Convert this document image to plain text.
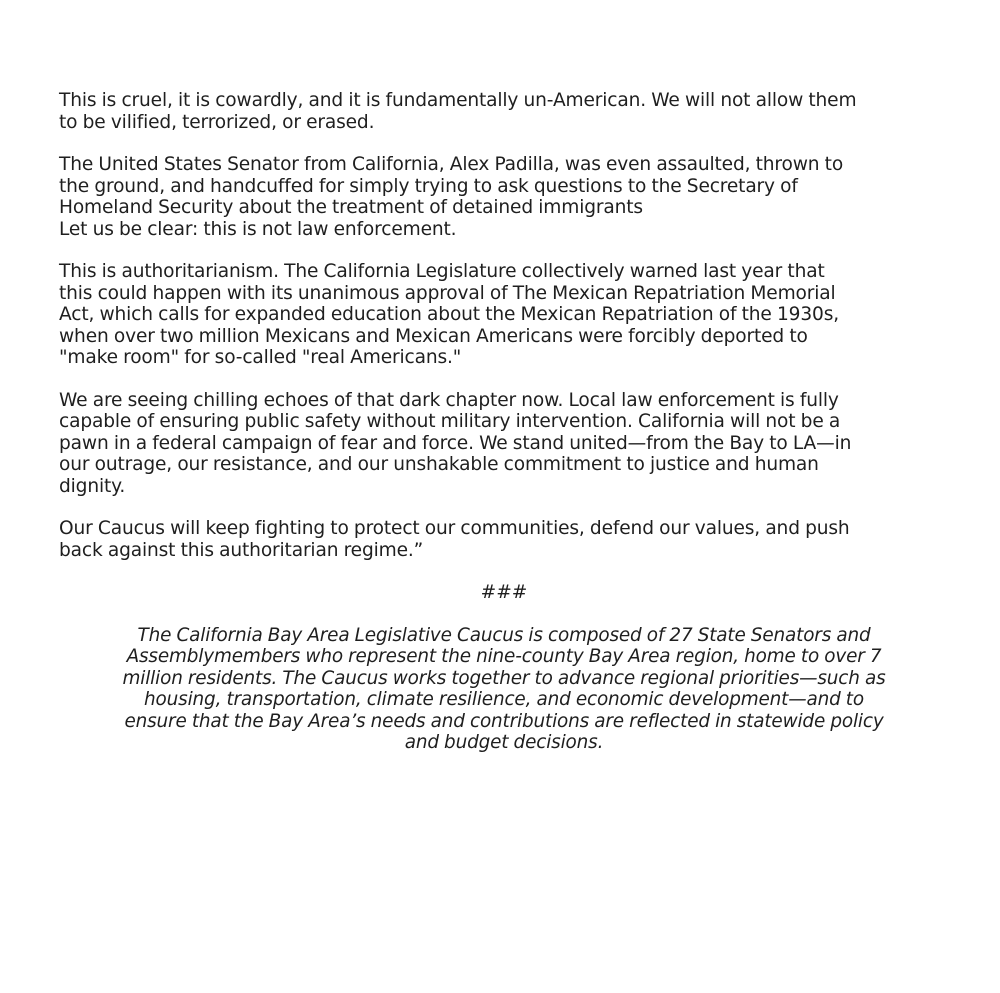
This is cruel, it is cowardly, and it is fundamentally un-American. We will not allow them
to be vilified, terrorized, or erased.

The United States Senator from California, Alex Padilla, was even assaulted, thrown to
the ground, and handcuffed for simply trying to ask questions to the Secretary of
Homeland Security about the treatment of detained immigrants
Let us be clear: this is not law enforcement.

This is authoritarianism. The California Legislature collectively warned last year that
this could happen with its unanimous approval of The Mexican Repatriation Memorial
Act, which calls for expanded education about the Mexican Repatriation of the 1930s,
when over two million Mexicans and Mexican Americans were forcibly deported to
"make room" for so-called "real Americans."

We are seeing chilling echoes of that dark chapter now. Local law enforcement is fully
capable of ensuring public safety without military intervention. California will not be a
pawn in a federal campaign of fear and force. We stand united—from the Bay to LA—in
our outrage, our resistance, and our unshakable commitment to justice and human
dignity.

Our Caucus will keep fighting to protect our communities, defend our values, and push
back against this authoritarian regime.”

###

The California Bay Area Legislative Caucus is composed of 27 State Senators and
Assemblymembers who represent the nine-county Bay Area region, home to over 7
million residents. The Caucus works together to advance regional priorities—such as
housing, transportation, climate resilience, and economic development—and to
ensure that the Bay Area’s needs and contributions are reflected in statewide policy
and budget decisions.
